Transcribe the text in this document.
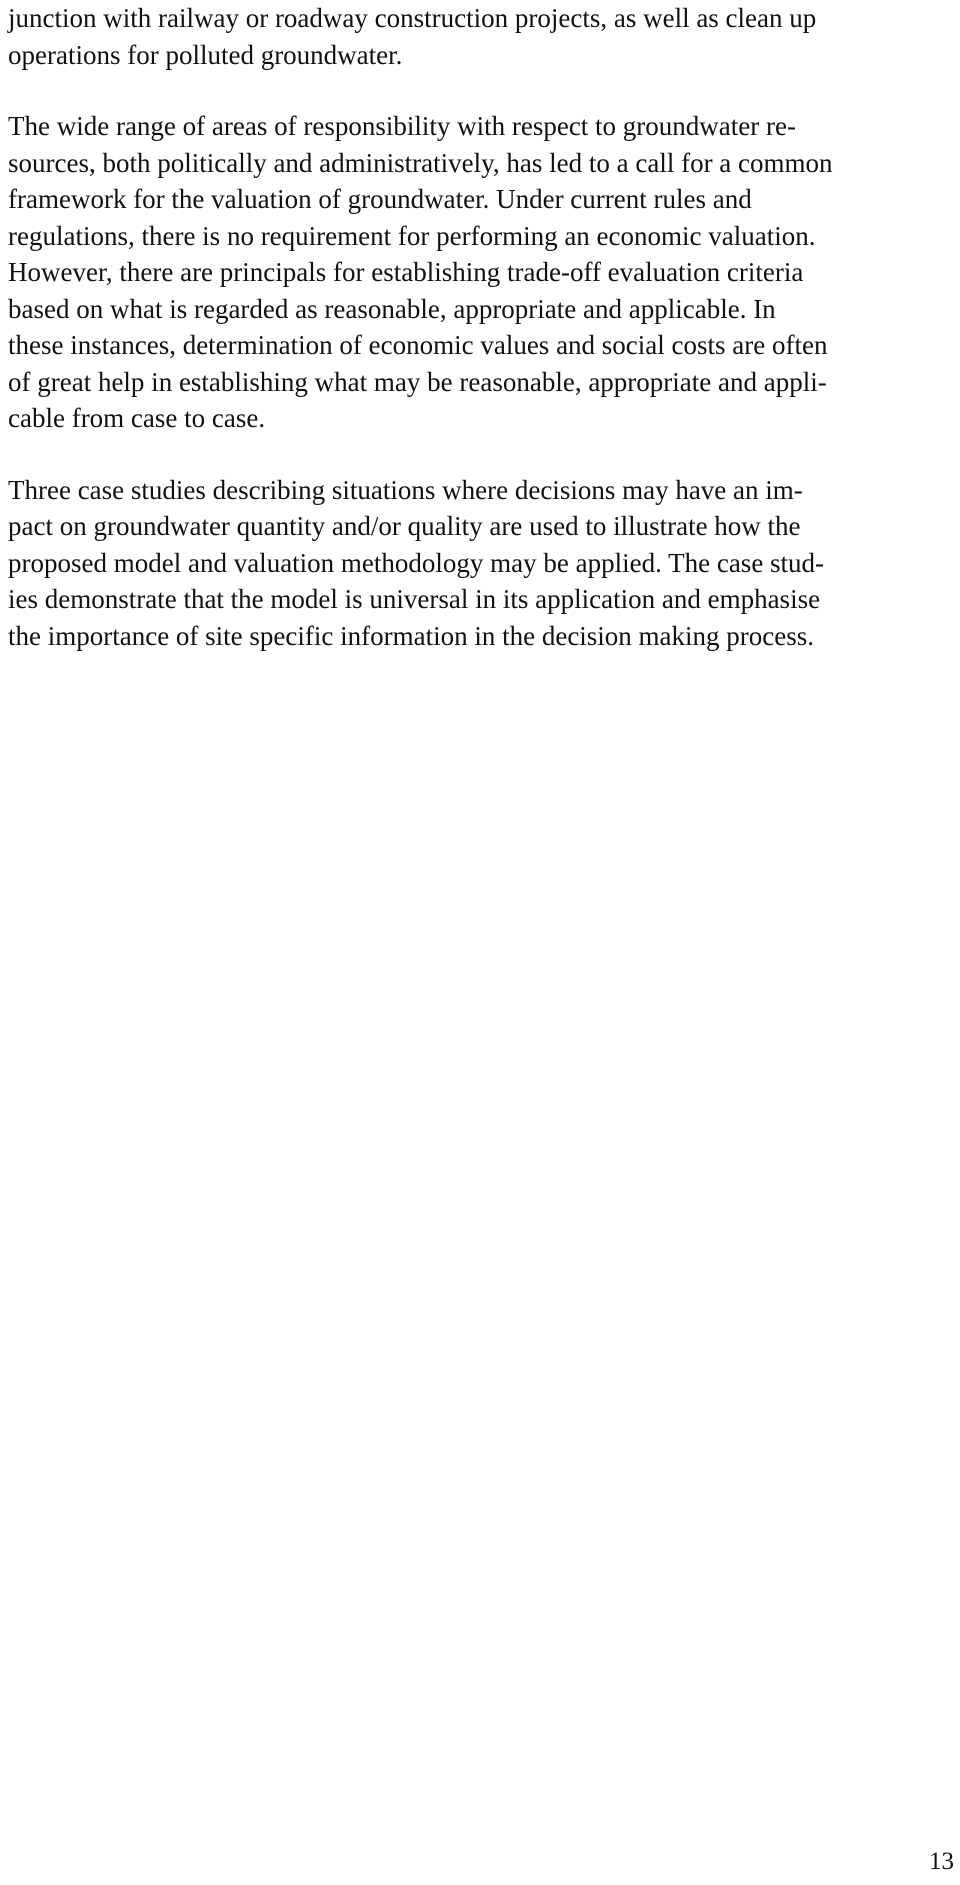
junction with railway or roadway construction projects, as well as clean up
operations for polluted groundwater.

The wide range of areas of responsibility with respect to groundwater re-
sources, both politically and administratively, has led to a call for a common
framework for the valuation of groundwater. Under current rules and
regulations, there is no requirement for performing an economic valuation.
However, there are principals for establishing trade-off evaluation criteria
based on what is regarded as reasonable, appropriate and applicable. In
these instances, determination of economic values and social costs are often
of great help in establishing what may be reasonable, appropriate and appli-
cable from case to case.

Three case studies describing situations where decisions may have an im-
pact on groundwater quantity and/or quality are used to illustrate how the
proposed model and valuation methodology may be applied. The case stud-
ies demonstrate that the model is universal in its application and emphasise
the importance of site specific information in the decision making process.

13
